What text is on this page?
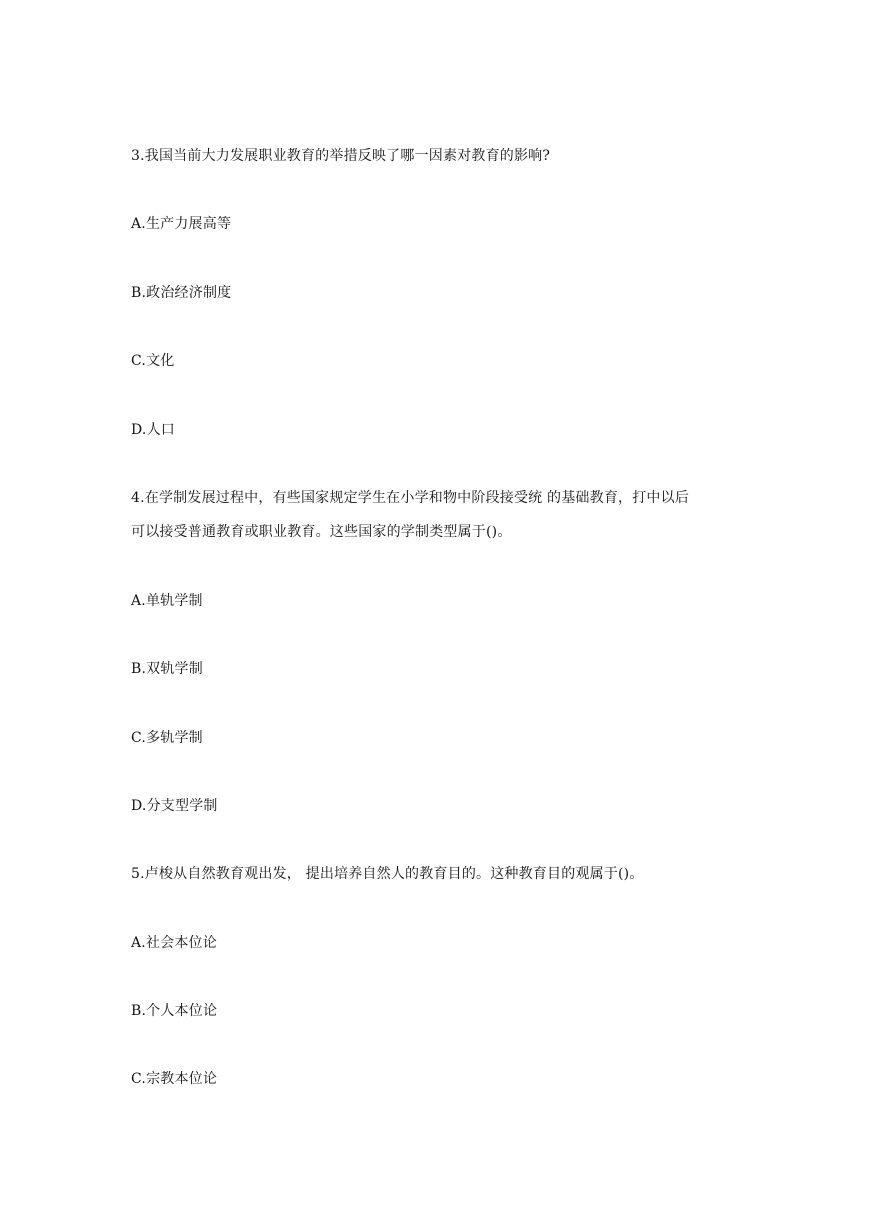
3.我国当前大力发展职业教育的举措反映了哪一因素对教育的影响?
A.生产力展高等
B.政治经济制度
C.文化
D.人口
4.在学制发展过程中，有些国家规定学生在小学和物中阶段接受统 的基础教育，打中以后
可以接受普通教育或职业教育。这些国家的学制类型属于()。
A.单轨学制
B.双轨学制
C.多轨学制
D.分支型学制
5.卢梭从自然教育观出发， 提出培养自然人的教育目的。这种教育目的观属于()。
A.社会本位论
B.个人本位论
C.宗教本位论
